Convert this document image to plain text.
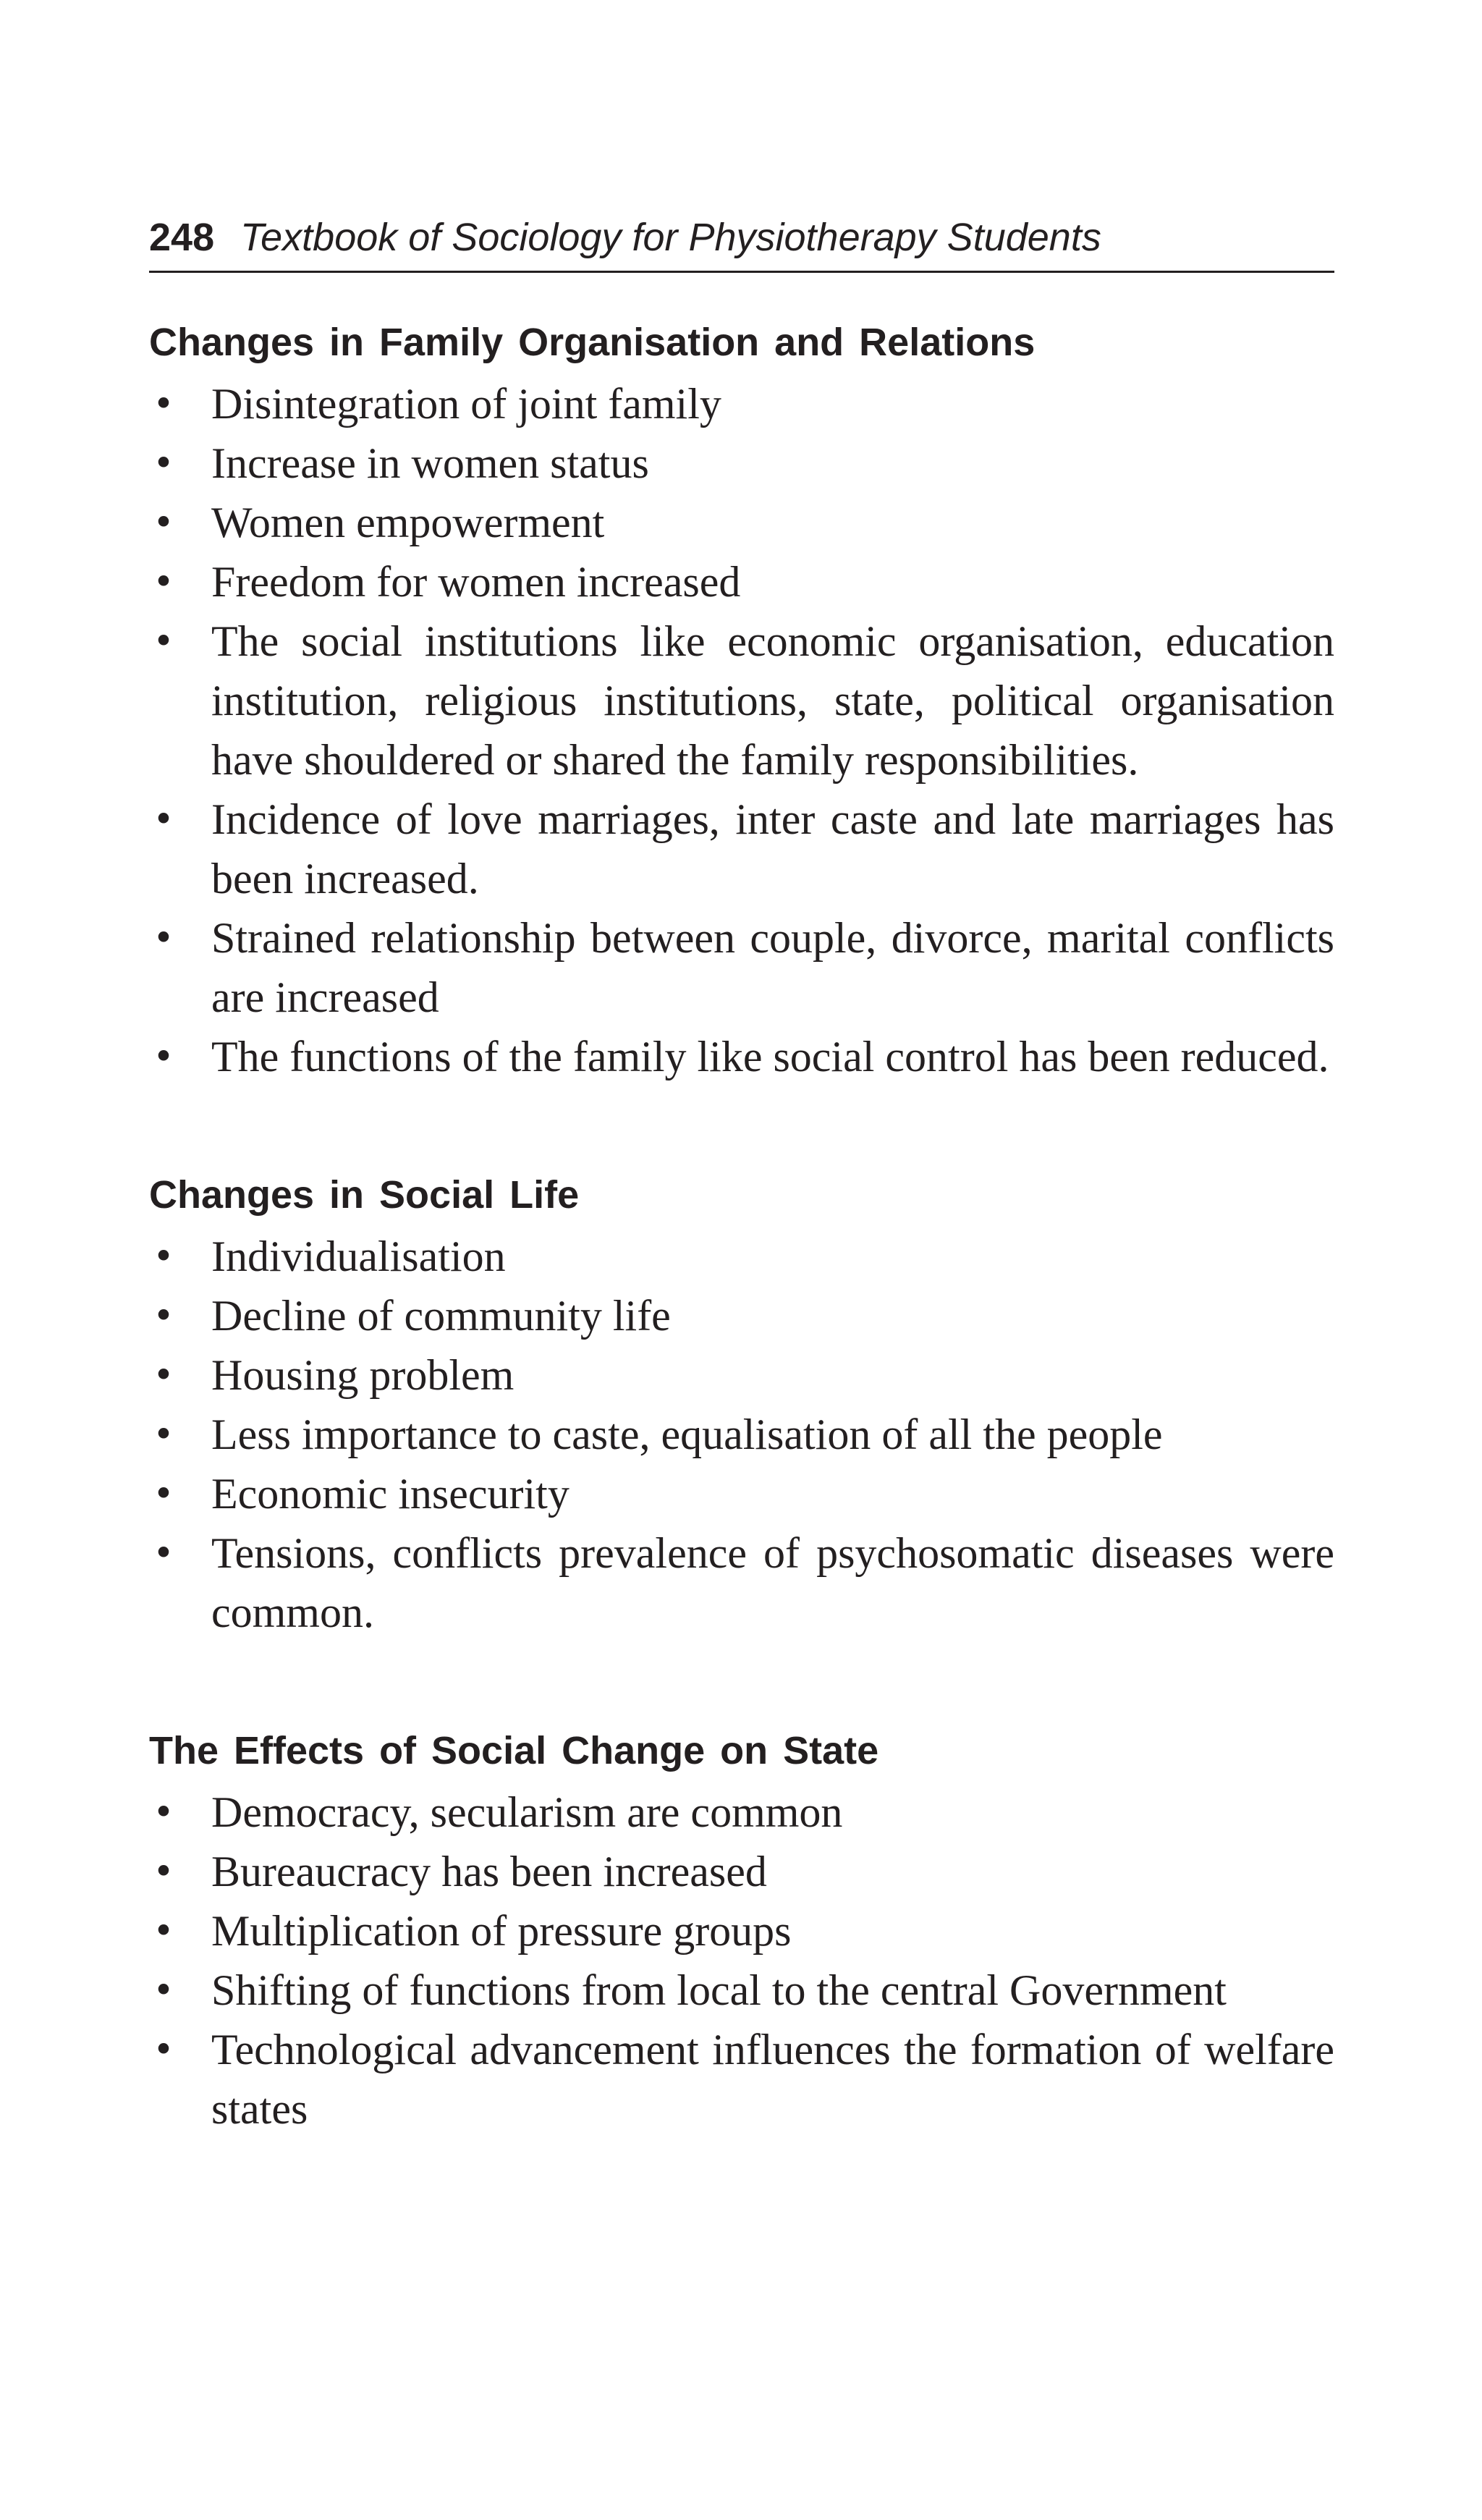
248 Textbook of Sociology for Physiotherapy Students
Changes in Family Organisation and Relations
• Disintegration of joint family
• Increase in women status
• Women empowerment
• Freedom for women increased
• The social institutions like economic organisation, education institution, religious institutions, state, political organisation have shouldered or shared the family responsibilities.
• Incidence of love marriages, inter caste and late marriages has been increased.
• Strained relationship between couple, divorce, marital conflicts are increased
• The functions of the family like social control has been reduced.
Changes in Social Life
• Individualisation
• Decline of community life
• Housing problem
• Less importance to caste, equalisation of all the people
• Economic insecurity
• Tensions, conflicts prevalence of psychosomatic diseases were common.
The Effects of Social Change on State
• Democracy, secularism are common
• Bureaucracy has been increased
• Multiplication of pressure groups
• Shifting of functions from local to the central Government
• Technological advancement influences the formation of welfare states
